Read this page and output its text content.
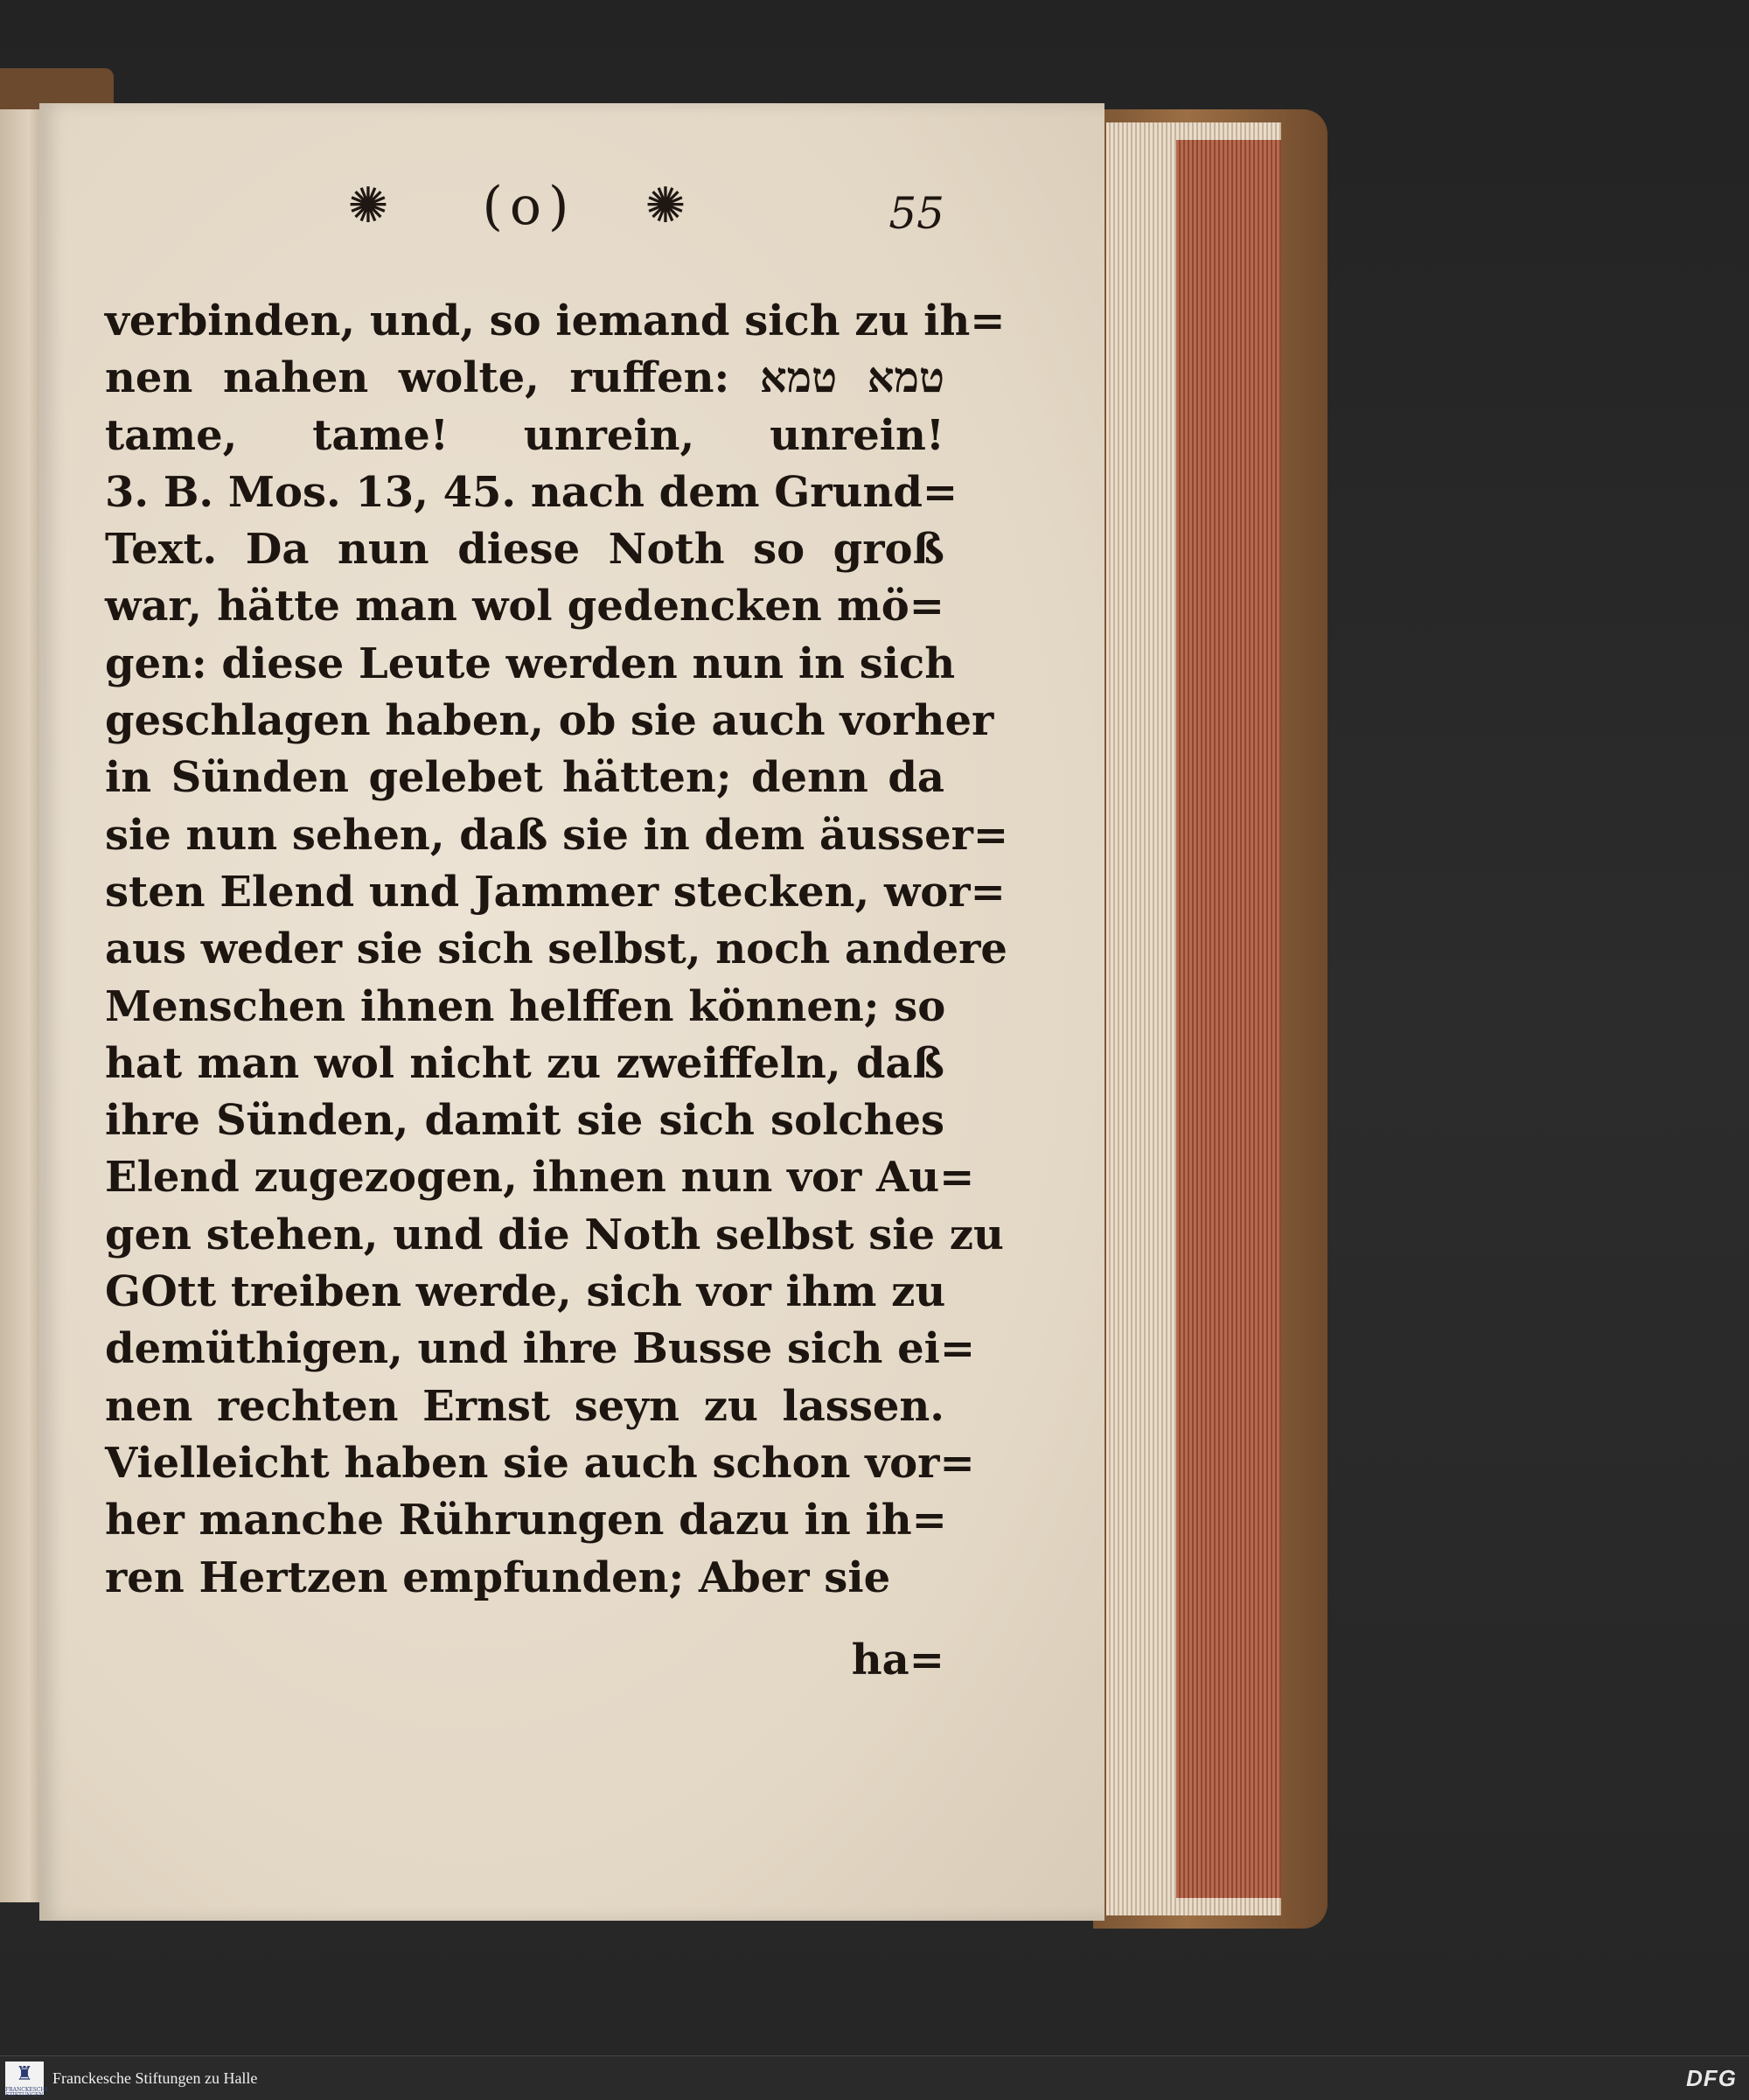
✺	(o)	✺	55
verbinden, und, so iemand sich zu ih=
nen nahen wolte, ruffen: טמא טמא
tame, tame! unrein, unrein!
3. B. Mos. 13, 45. nach dem Grund=
Text. Da nun diese Noth so groß
war, hätte man wol gedencken mö=
gen: diese Leute werden nun in sich
geschlagen haben, ob sie auch vorher
in Sünden gelebet hätten; denn da
sie nun sehen, daß sie in dem äusser=
sten Elend und Jammer stecken, wor=
aus weder sie sich selbst, noch andere
Menschen ihnen helffen können; so
hat man wol nicht zu zweiffeln, daß
ihre Sünden, damit sie sich solches
Elend zugezogen, ihnen nun vor Au=
gen stehen, und die Noth selbst sie zu
GOtt treiben werde, sich vor ihm zu
demüthigen, und ihre Busse sich ei=
nen rechten Ernst seyn zu lassen.
Vielleicht haben sie auch schon vor=
her manche Rührungen dazu in ih=
ren Hertzen empfunden; Aber sie
ha=
♜
FRANCKESCHE STIFTUNGEN
Franckesche Stiftungen zu Halle	DFG
